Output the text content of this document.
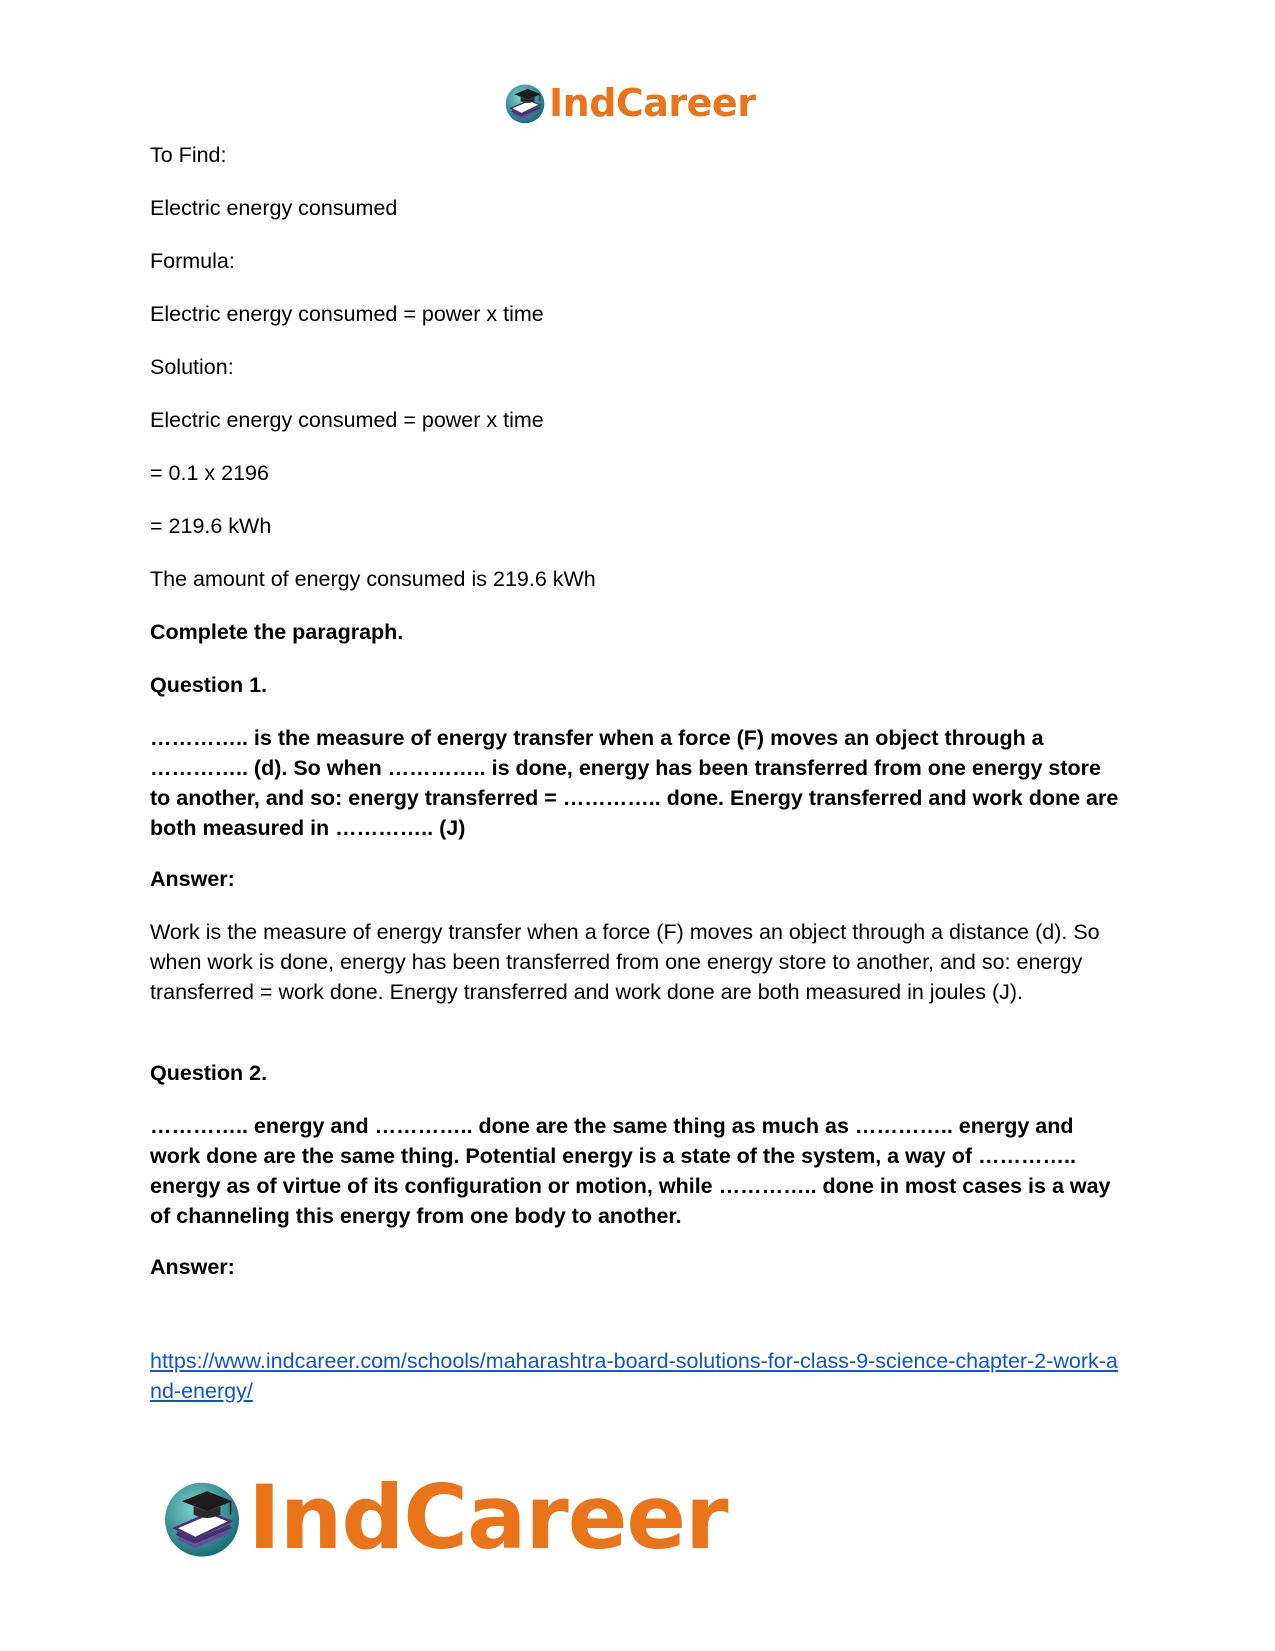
IndCareer
To Find:
Electric energy consumed
Formula:
Electric energy consumed = power x time
Solution:
Electric energy consumed = power x time
= 0.1 x 2196
= 219.6 kWh
The amount of energy consumed is 219.6 kWh
Complete the paragraph.
Question 1.
………….. is the measure of energy transfer when a force (F) moves an object through a ………….. (d). So when ………….. is done, energy has been transferred from one energy store to another, and so: energy transferred = ………….. done. Energy transferred and work done are both measured in ………….. (J)
Answer:
Work is the measure of energy transfer when a force (F) moves an object through a distance (d). So when work is done, energy has been transferred from one energy store to another, and so: energy transferred = work done. Energy transferred and work done are both measured in joules (J).
Question 2.
………….. energy and ………….. done are the same thing as much as ………….. energy and work done are the same thing. Potential energy is a state of the system, a way of ………….. energy as of virtue of its configuration or motion, while ………….. done in most cases is a way of channeling this energy from one body to another.
Answer:
https://www.indcareer.com/schools/maharashtra-board-solutions-for-class-9-science-chapter-2-work-and-energy/
IndCareer
